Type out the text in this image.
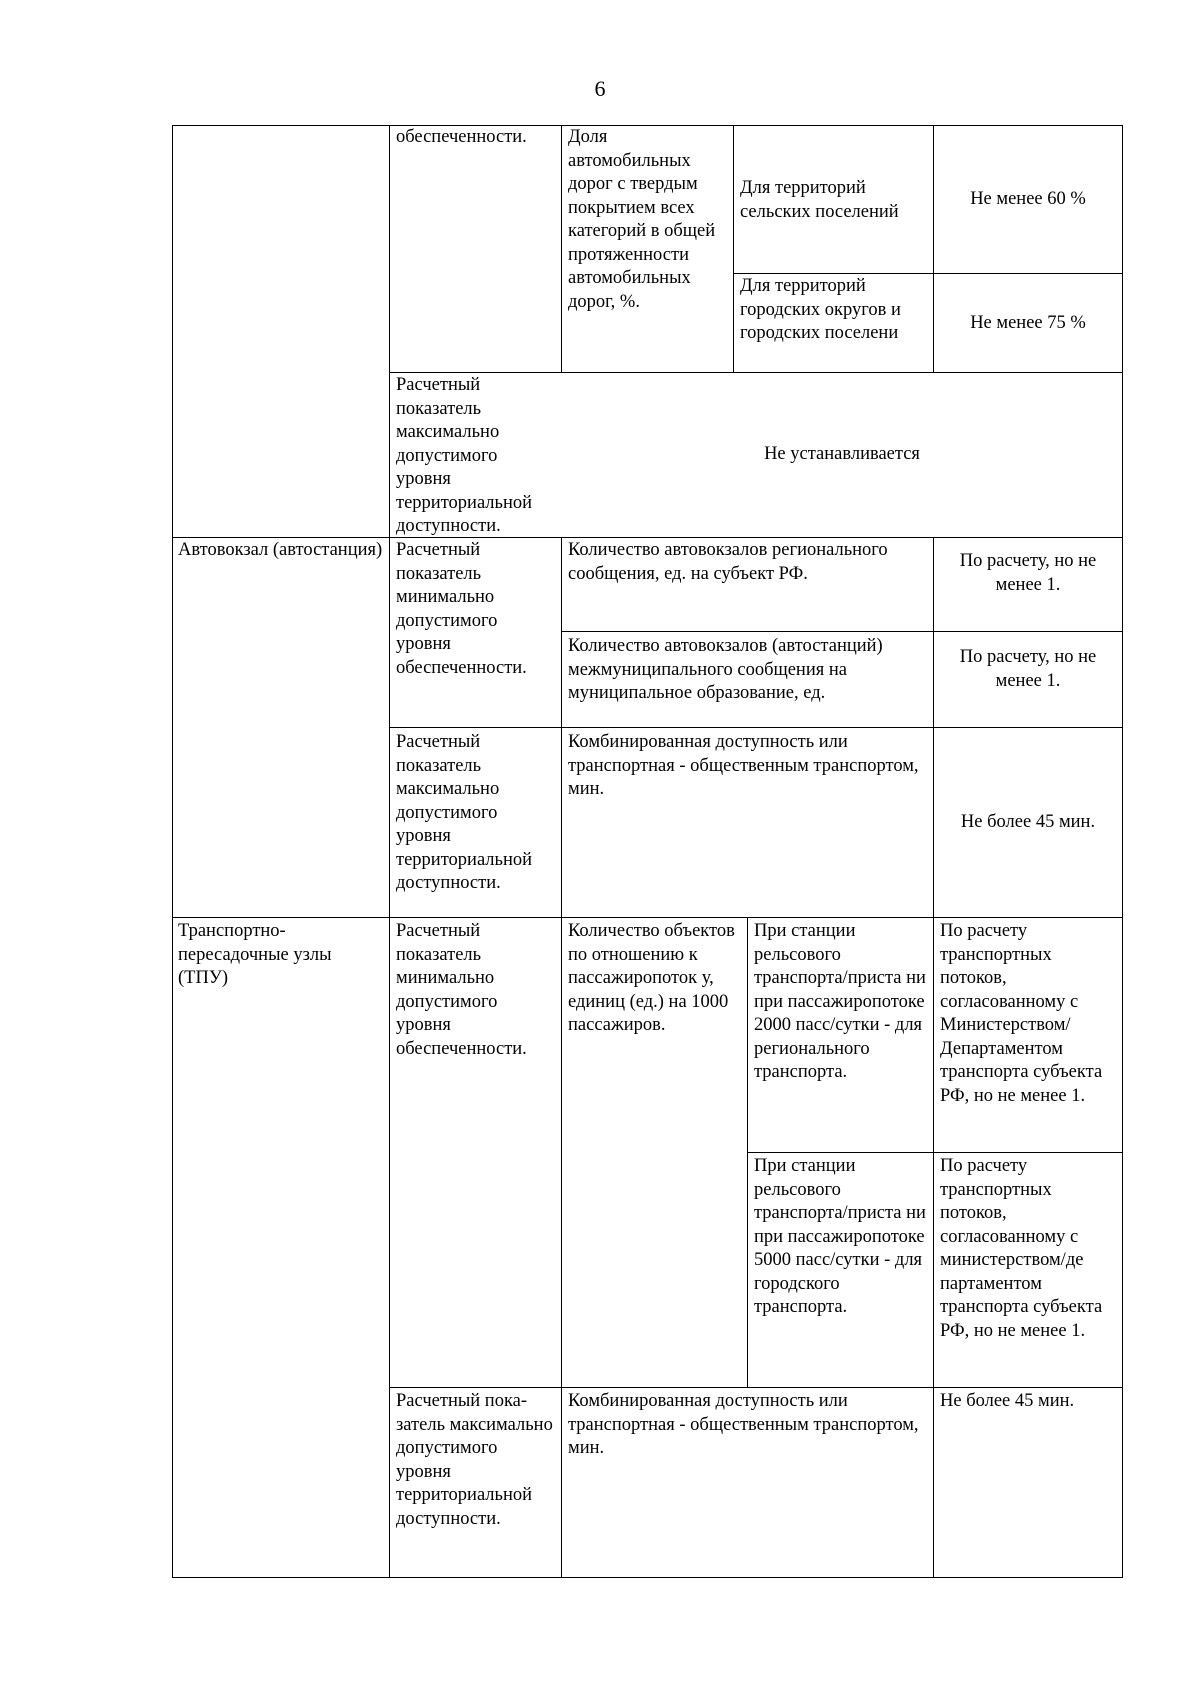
6
обеспеченности.	Доля автомобильных дорог с твердым покрытием всех категорий в общей протяженности автомобильных дорог, %.
Для территорий сельских поселений
Не менее 60 %
Для территорий городских округов и городских поселени
Не менее 75 %
Расчетный показатель максимально допустимого уровня территориальной доступности.
Не устанавливается
Автовокзал (автостанция) Расчетный показатель минимально допустимого уровня обеспеченности.
Количество автовокзалов регионального сообщения, ед. на субъект РФ.
По расчету, но не менее 1.
Количество автовокзалов (автостанций) межмуниципального сообщения на муниципальное образование, ед.
По расчету, но не менее 1.
Расчетный показатель максимально допустимого уровня территориальной доступности.
Комбинированная доступность или транспортная - общественным транспортом, мин.
Не более 45 мин.
Транспортно-
пересадочные узлы
(ТПУ)
Расчетный показатель минимально допустимого уровня обеспеченности.
Количество объектов по отношению к пассажиропоток у, единиц (ед.) на 1000 пассажиров.
При станции рельсового транспорта/приста ни при пассажиропотоке 2000 пасс/сутки - для регионального транспорта.
По расчету транспортных потоков, согласованному с Министерством/ Департаментом транспорта субъекта РФ, но не менее 1.
При станции рельсового транспорта/приста ни при пассажиропотоке 5000 пасс/сутки - для городского транспорта.
По расчету транспортных потоков, согласованному с министерством/де партаментом транспорта субъекта РФ, но не менее 1.
Расчетный пока-затель максимально допустимого уровня территориальной доступности.
Комбинированная доступность или транспортная - общественным транспортом, мин.
Не более 45 мин.
